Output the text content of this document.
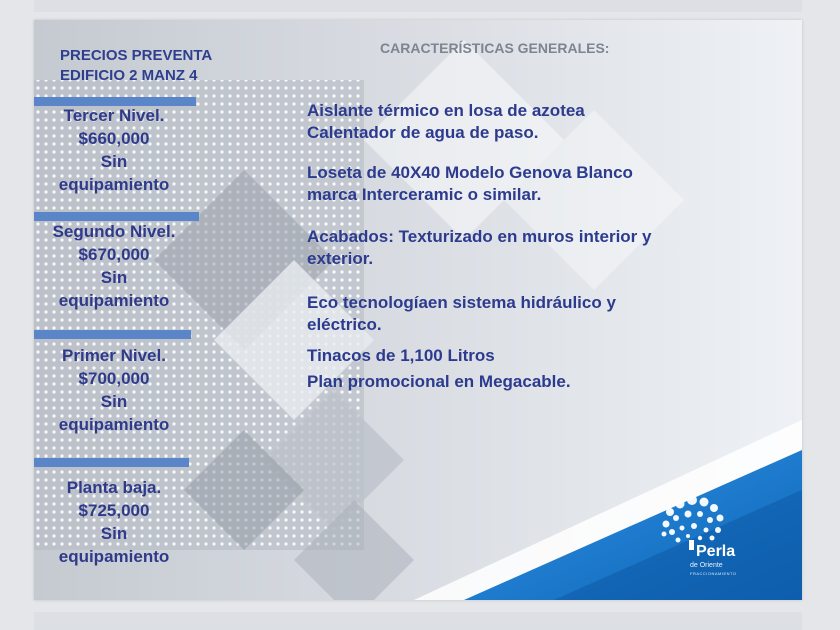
PRECIOS PREVENTA
EDIFICIO 2 MANZ 4
Tercer Nivel.
$660,000
Sin
equipamiento
Segundo Nivel.
$670,000
Sin
equipamiento
Primer Nivel.
$700,000
Sin
equipamiento
Planta baja.
$725,000
Sin
equipamiento
CARACTERÍSTICAS GENERALES:
Aislante térmico en losa de azotea
Calentador de agua de paso.
Loseta de 40X40 Modelo Genova Blanco
marca Interceramic o similar.
Acabados: Texturizado en muros interior y
exterior.
Eco tecnologíaen sistema hidráulico y
eléctrico.
Tinacos de 1,100 Litros
Plan promocional en Megacable.
Perla
de Oriente
FRACCIONAMIENTO
